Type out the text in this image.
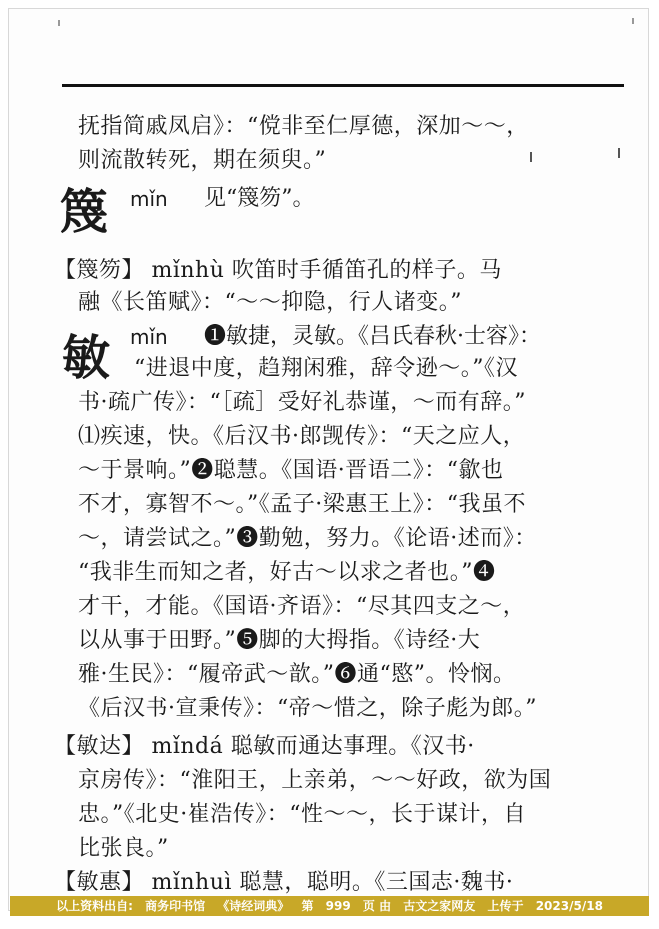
抚指简戚凤启》：“傥非至仁厚德，深加～～，
则流散转死，期在须臾。”
篾 mǐn 见“篾笏”。
【篾笏】 mǐnhù 吹笛时手循笛孔的样子。马
融《长笛赋》：“～～抑隐，行人诸变。”
敏 mǐn ❶敏捷，灵敏。《吕氏春秋·士容》：
“进退中度，趋翔闲雅，辞令逊～。”《汉
书·疏广传》：“［疏］受好礼恭谨，～而有辞。”
⑴疾速，快。《后汉书·郎觊传》：“天之应人，
～于景响。”❷聪慧。《国语·晋语二》：“歙也
不才，寡智不～。”《孟子·梁惠王上》：“我虽不
～，请尝试之。”❸勤勉，努力。《论语·述而》：
“我非生而知之者，好古～以求之者也。”❹
才干，才能。《国语·齐语》：“尽其四支之～，
以从事于田野。”❺脚的大拇指。《诗经·大
雅·生民》：“履帝武～歆。”❻通“愍”。怜悯。
《后汉书·宣秉传》：“帝～惜之，除子彪为郎。”
【敏达】 mǐndá 聪敏而通达事理。《汉书·
京房传》：“淮阳王，上亲弟，～～好政，欲为国
忠。”《北史·崔浩传》：“性～～，长于谋计，自
比张良。”
【敏惠】 mǐnhuì 聪慧，聪明。《三国志·魏书·
以上资料出自: 商务印书馆 《诗经词典》 第 999 页 由 古文之家网友 上传于 2023/5/18
